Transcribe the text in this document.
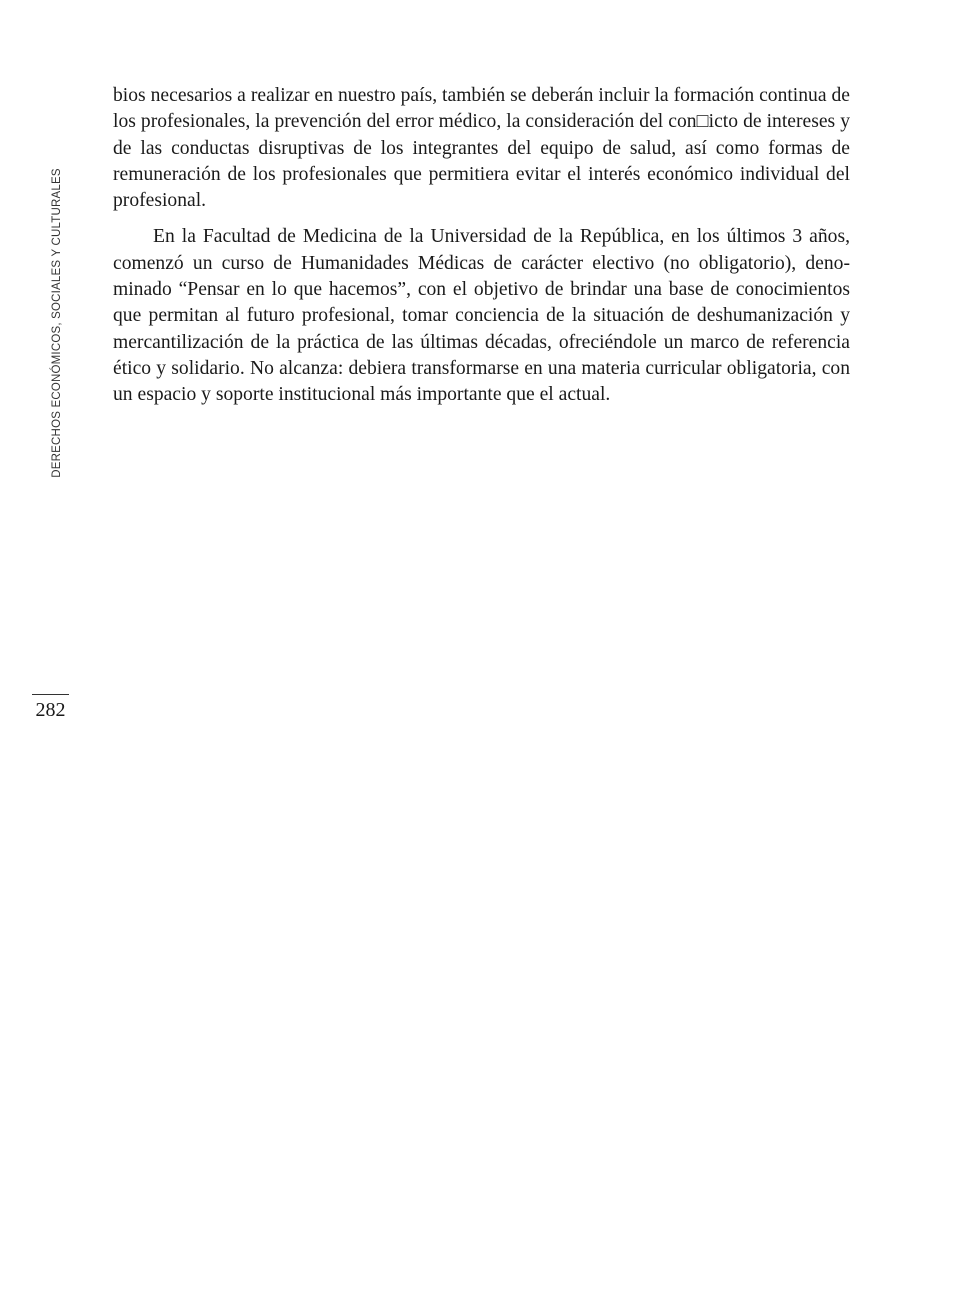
DERECHOS ECONÓMICOS, SOCIALES Y CULTURALES
282

bios necesarios a realizar en nuestro país, también se deberán incluir la formación continua de los profesionales, la prevención del error médico, la consideración del con□icto de intereses y de las conductas disruptivas de los integrantes del equipo de salud, así como formas de remuneración de los profesionales que permitiera evitar el interés económico individual del profesional.

En la Facultad de Medicina de la Universidad de la República, en los últimos 3 años, comenzó un curso de Humanidades Médicas de carácter electivo (no obligatorio), denominado “Pensar en lo que hacemos”, con el objetivo de brindar una base de conocimientos que permitan al futuro profesional, tomar conciencia de la situación de deshumanización y mercantilización de la práctica de las últimas décadas, ofreciéndole un marco de referencia ético y solidario. No alcanza: debiera transformarse en una materia curricular obligatoria, con un espacio y soporte institucional más importante que el actual.
